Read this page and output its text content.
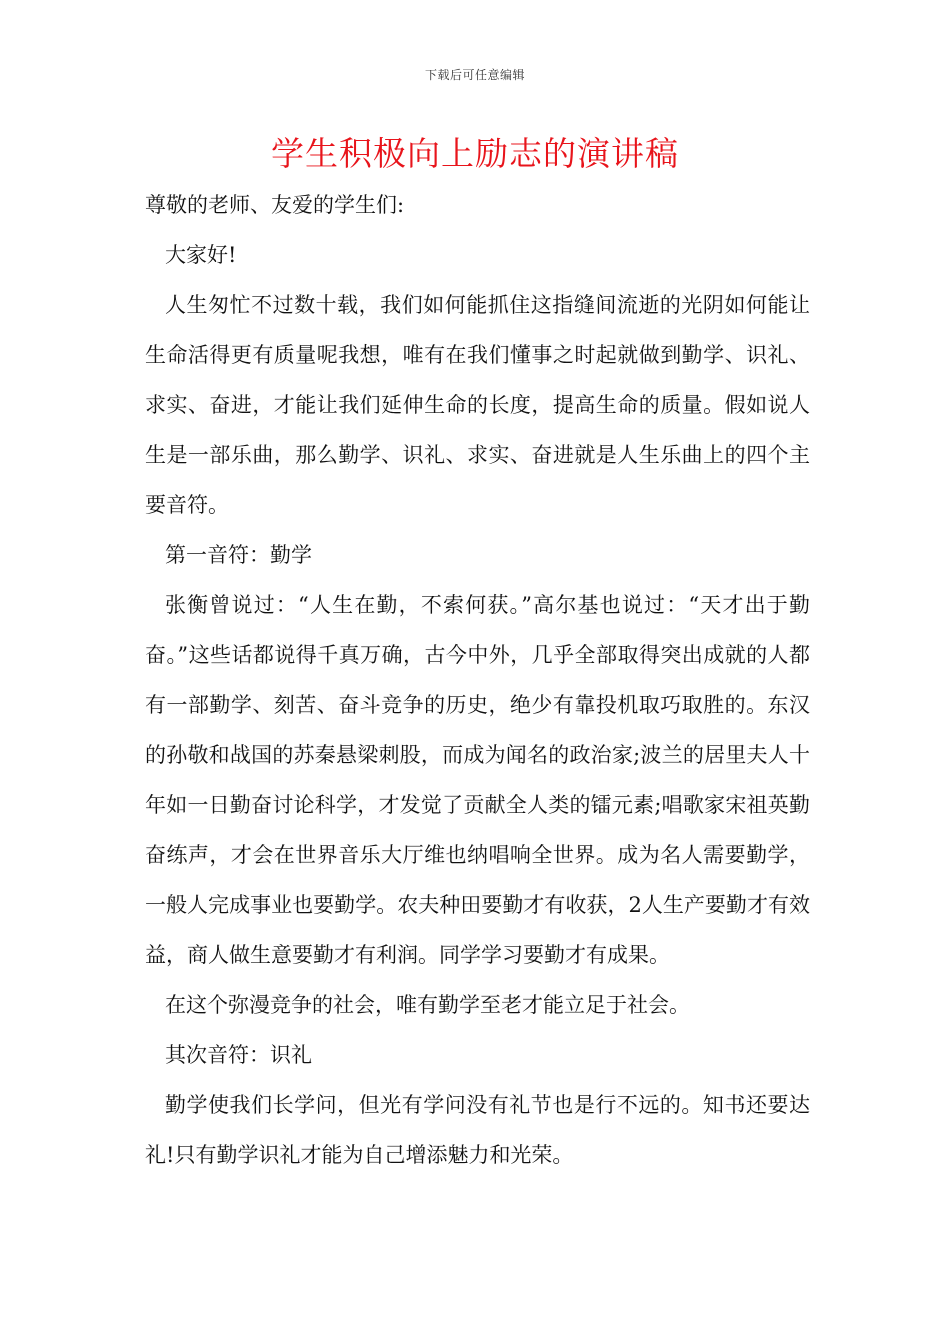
下载后可任意编辑
学生积极向上励志的演讲稿

尊敬的老师、友爱的学生们:

大家好!

人生匆忙不过数十载，我们如何能抓住这指缝间流逝的光阴如何能让生命活得更有质量呢我想，唯有在我们懂事之时起就做到勤学、识礼、求实、奋进，才能让我们延伸生命的长度，提高生命的质量。假如说人生是一部乐曲，那么勤学、识礼、求实、奋进就是人生乐曲上的四个主要音符。

第一音符：勤学

张衡曾说过：“人生在勤，不索何获。”高尔基也说过：“天才出于勤奋。”这些话都说得千真万确，古今中外，几乎全部取得突出成就的人都有一部勤学、刻苦、奋斗竞争的历史，绝少有靠投机取巧取胜的。东汉的孙敬和战国的苏秦悬梁刺股，而成为闻名的政治家;波兰的居里夫人十年如一日勤奋讨论科学，才发觉了贡献全人类的镭元素;唱歌家宋祖英勤奋练声，才会在世界音乐大厅维也纳唱响全世界。成为名人需要勤学，一般人完成事业也要勤学。农夫种田要勤才有收获，2人生产要勤才有效益，商人做生意要勤才有利润。同学学习要勤才有成果。

在这个弥漫竞争的社会，唯有勤学至老才能立足于社会。

其次音符：识礼

勤学使我们长学问，但光有学问没有礼节也是行不远的。知书还要达礼!只有勤学识礼才能为自己增添魅力和光荣。
